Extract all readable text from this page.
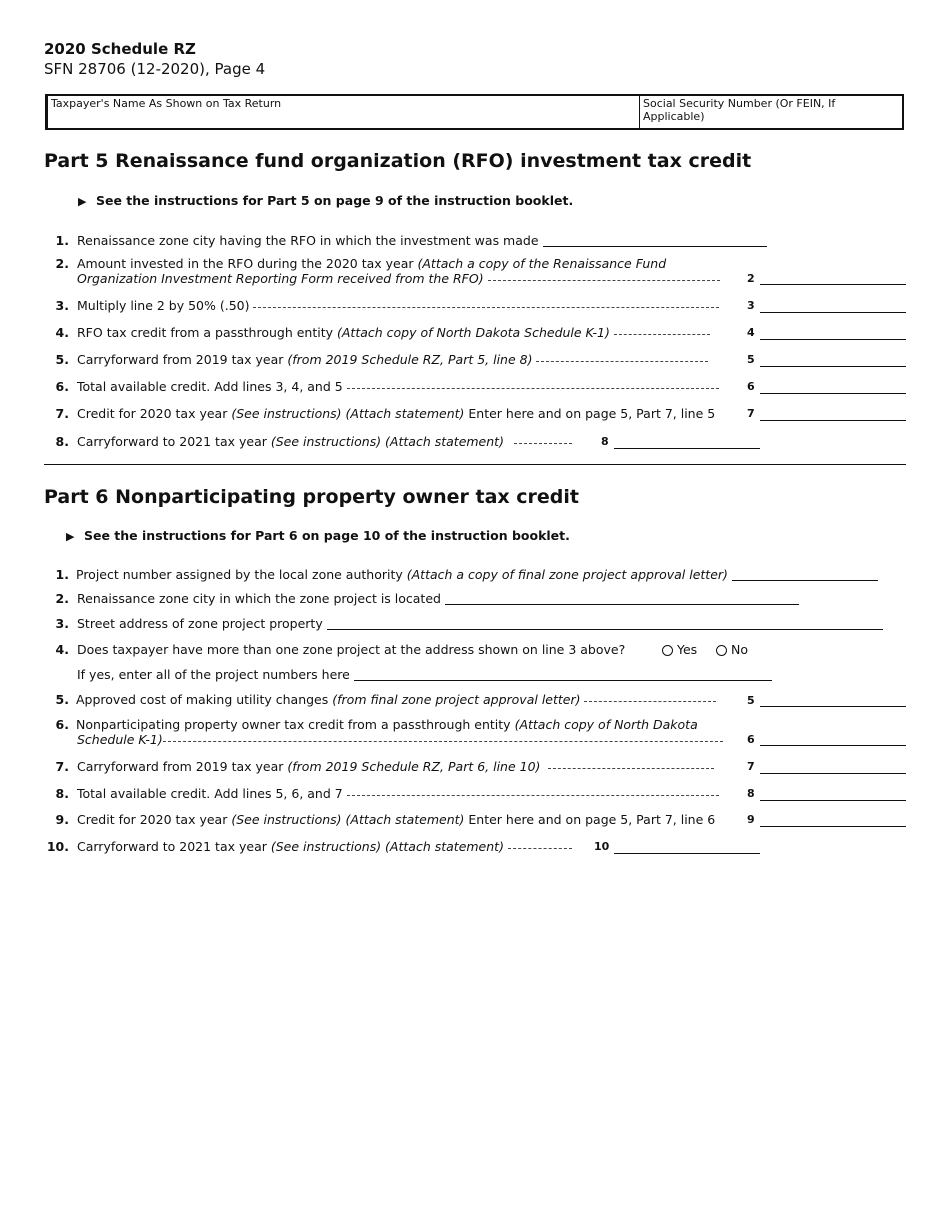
2020 Schedule RZ
SFN 28706 (12-2020), Page 4
Taxpayer's Name As Shown on Tax Return	Social Security Number (Or FEIN, If Applicable)
Part 5 Renaissance fund organization (RFO) investment tax credit
▶ See the instructions for Part 5 on page 9 of the instruction booklet.
1. Renaissance zone city having the RFO in which the investment was made
2. Amount invested in the RFO during the 2020 tax year (Attach a copy of the Renaissance Fund
Organization Investment Reporting Form received from the RFO)	2
3. Multiply line 2 by 50% (.50)	3
4. RFO tax credit from a passthrough entity (Attach copy of North Dakota Schedule K-1)	4
5. Carryforward from 2019 tax year (from 2019 Schedule RZ, Part 5, line 8)	5
6. Total available credit. Add lines 3, 4, and 5	6
7. Credit for 2020 tax year (See instructions) (Attach statement) Enter here and on page 5, Part 7, line 5	7
8. Carryforward to 2021 tax year (See instructions) (Attach statement)	8
Part 6 Nonparticipating property owner tax credit
▶ See the instructions for Part 6 on page 10 of the instruction booklet.
1. Project number assigned by the local zone authority (Attach a copy of final zone project approval letter)
2. Renaissance zone city in which the zone project is located
3. Street address of zone project property
4. Does taxpayer have more than one zone project at the address shown on line 3 above?	Yes	No
If yes, enter all of the project numbers here
5. Approved cost of making utility changes (from final zone project approval letter)	5
6. Nonparticipating property owner tax credit from a passthrough entity (Attach copy of North Dakota
Schedule K-1)	6
7. Carryforward from 2019 tax year (from 2019 Schedule RZ, Part 6, line 10)	7
8. Total available credit. Add lines 5, 6, and 7	8
9. Credit for 2020 tax year (See instructions) (Attach statement) Enter here and on page 5, Part 7, line 6	9
10. Carryforward to 2021 tax year (See instructions) (Attach statement)	10
